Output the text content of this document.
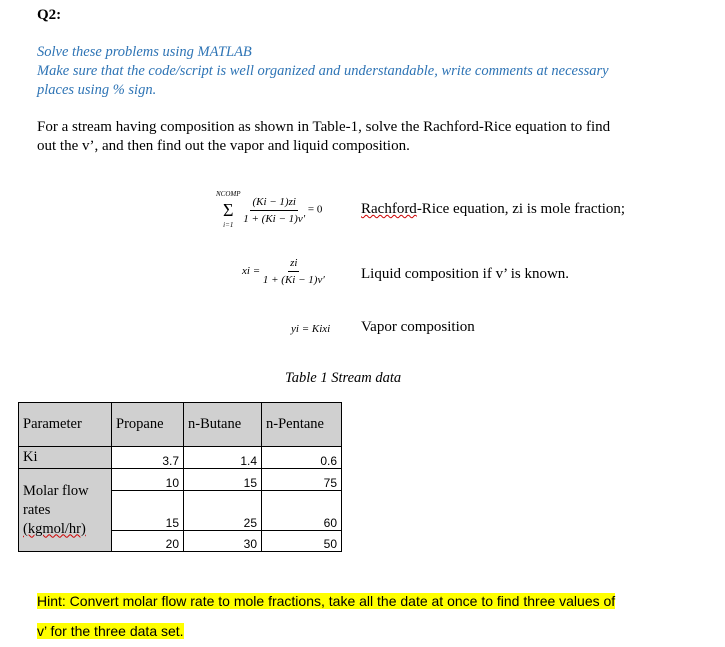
Q2:
Solve these problems using MATLAB
Make sure that the code/script is well organized and understandable, write comments at necessary
places using % sign.
For a stream having composition as shown in Table-1, solve the Rachford-Rice equation to find
out the v’, and then find out the vapor and liquid composition.
NCOMP
Σ
i=1
$\frac{(Ki - 1)zi}{1 + (Ki - 1)v'} = 0$	Rachford-Rice equation, zi is mole fraction;
xi = $\frac{zi}{1 + (Ki - 1)v'}$ Liquid composition if v’ is known.
yi = Kixi Vapor composition
Table 1 Stream data
Parameter	Propane	n-Butane	n-Pentane
Ki	3.7	1.4	0.6
Molar flow rates
(kgmol/hr)	10	15	75
	15	25	60
	20	30	50
Hint: Convert molar flow rate to mole fractions, take all the date at once to find three values of
v’ for the three data set.
